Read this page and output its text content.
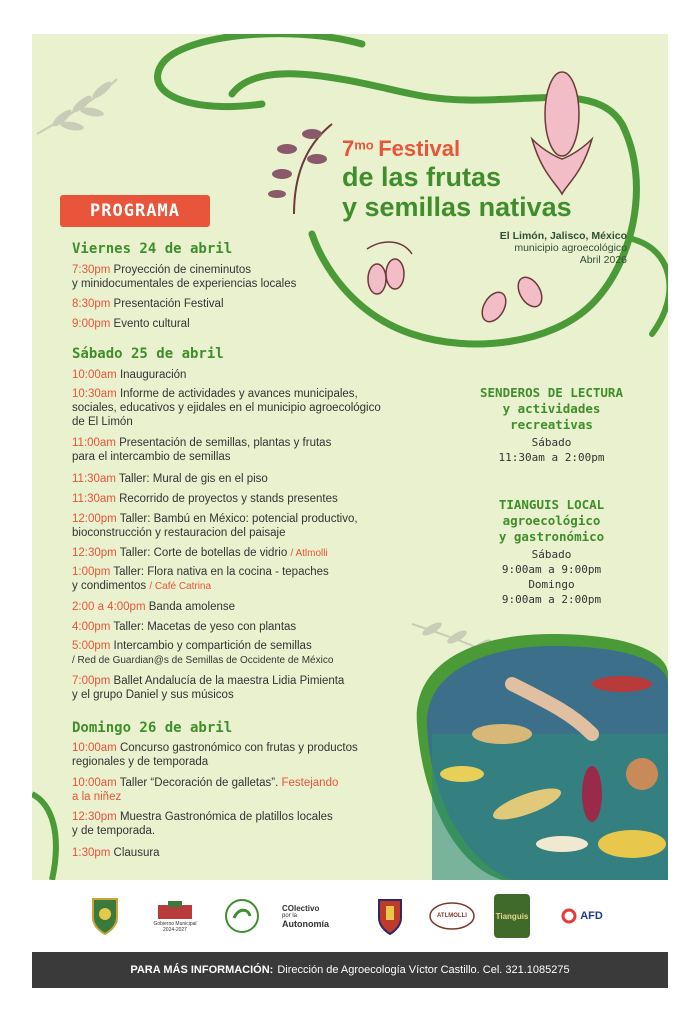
PROGRAMA
$7^{mo}$ Festival
de las frutas
y semillas nativas
El Limón, Jalisco, México
municipio agroecológico
Abril 2026
Viernes 24 de abril
7:30pm Proyección de cineminutos
y minidocumentales de experiencias locales
8:30pm Presentación Festival
9:00pm Evento cultural
Sábado 25 de abril
10:00am Inauguración
10:30am Informe de actividades y avances municipales,
sociales, educativos y ejidales en el municipio agroecológico
de El Limón
11:00am Presentación de semillas, plantas y frutas
para el intercambio de semillas
11:30am Taller: Mural de gis en el piso
11:30am Recorrido de proyectos y stands presentes
12:00pm Taller: Bambú en México: potencial productivo,
bioconstrucción y restauracion del paisaje
12:30pm Taller: Corte de botellas de vidrio / Atlmolli
1:00pm Taller: Flora nativa en la cocina - tepaches
y condimentos / Café Catrina
2:00 a 4:00pm Banda amolense
4:00pm Taller: Macetas de yeso con plantas
5:00pm Intercambio y compartición de semillas
/ Red de Guardian@s de Semillas de Occidente de México
7:00pm Ballet Andalucía de la maestra Lidia Pimienta
y el grupo Daniel y sus músicos
Domingo 26 de abril
10:00am Concurso gastronómico con frutas y productos
regionales y de temporada
10:00am Taller “Decoración de galletas”. Festejando
a la niñez
12:30pm Muestra Gastronómica de platillos locales
y de temporada.
1:30pm Clausura
SENDEROS DE LECTURA
y actividades
recreativas
Sábado
11:30am a 2:00pm
TIANGUIS LOCAL
agroecológico
y gastronómico
Sábado
9:00am a 9:00pm
Domingo
9:00am a 2:00pm
Gobierno Municipal 2024-2027
COlectivo
por la
Autonomía
ATLMOLLI	Tianguis	AFD
PARA MÁS INFORMACIÓN: Dirección de Agroecología Víctor Castillo. Cel. 321.1085275
